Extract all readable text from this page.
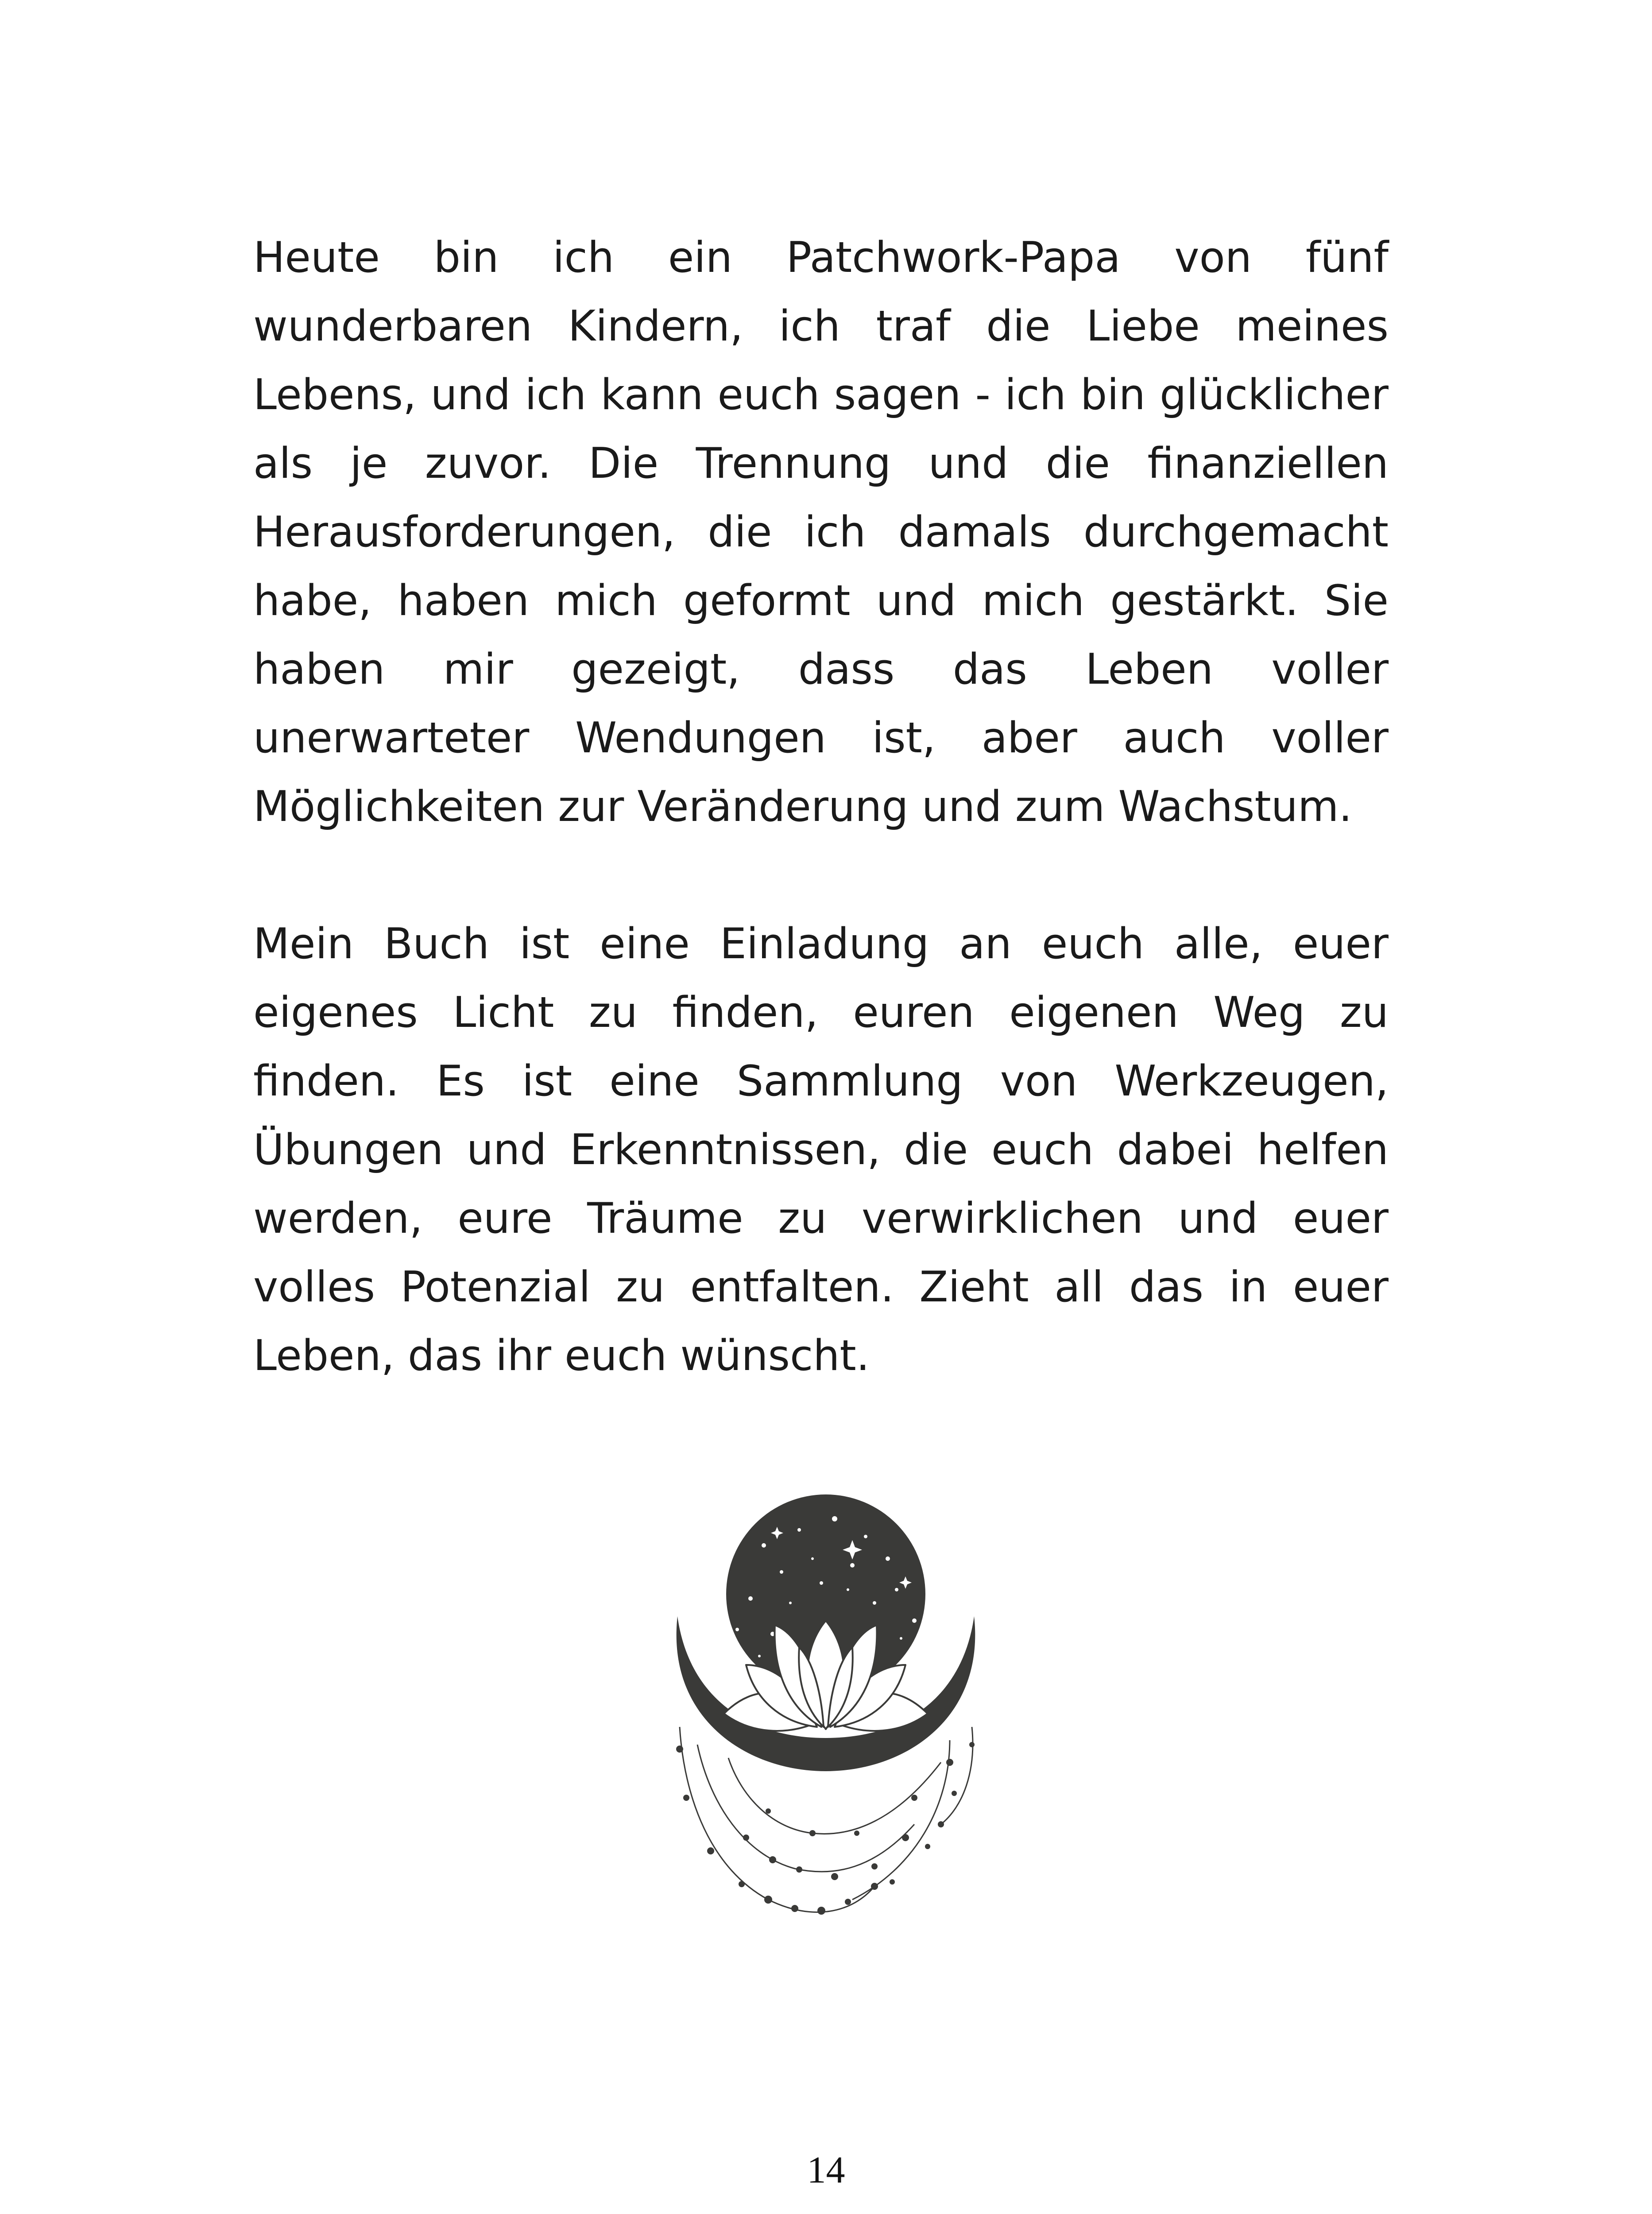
Heute bin ich ein Patchwork-Papa von fünf wunderbaren Kindern, ich traf die Liebe meines Lebens, und ich kann euch sagen - ich bin glücklicher als je zuvor. Die Trennung und die finanziellen Herausforderungen, die ich damals durchgemacht habe, haben mich geformt und mich gestärkt. Sie haben mir gezeigt, dass das Leben voller unerwarteter Wendungen ist, aber auch voller Möglichkeiten zur Veränderung und zum Wachstum.

Mein Buch ist eine Einladung an euch alle, euer eigenes Licht zu finden, euren eigenen Weg zu finden. Es ist eine Sammlung von Werkzeugen, Übungen und Erkenntnissen, die euch dabei helfen werden, eure Träume zu verwirklichen und euer volles Potenzial zu entfalten. Zieht all das in euer Leben, das ihr euch wünscht.

14
